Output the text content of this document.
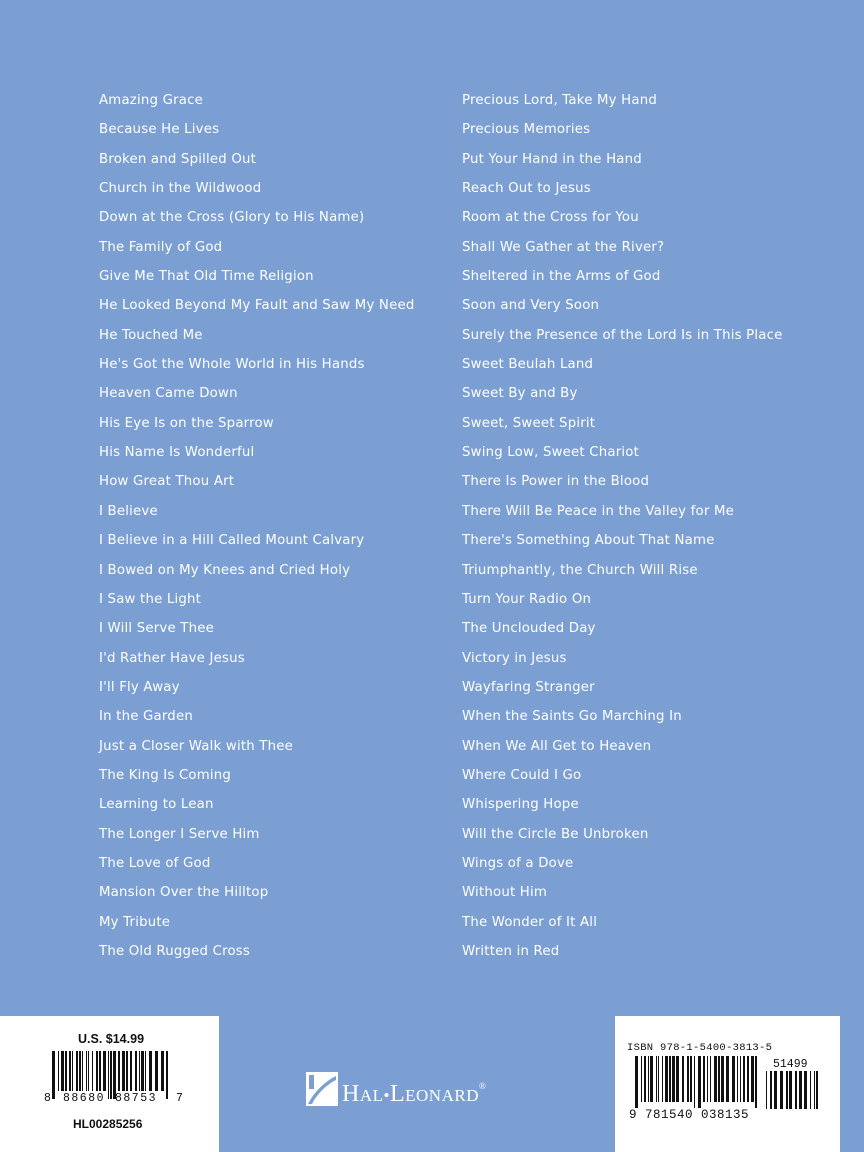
Amazing Grace
Because He Lives
Broken and Spilled Out
Church in the Wildwood
Down at the Cross (Glory to His Name)
The Family of God
Give Me That Old Time Religion
He Looked Beyond My Fault and Saw My Need
He Touched Me
He's Got the Whole World in His Hands
Heaven Came Down
His Eye Is on the Sparrow
His Name Is Wonderful
How Great Thou Art
I Believe
I Believe in a Hill Called Mount Calvary
I Bowed on My Knees and Cried Holy
I Saw the Light
I Will Serve Thee
I'd Rather Have Jesus
I'll Fly Away
In the Garden
Just a Closer Walk with Thee
The King Is Coming
Learning to Lean
The Longer I Serve Him
The Love of God
Mansion Over the Hilltop
My Tribute
The Old Rugged Cross
Precious Lord, Take My Hand
Precious Memories
Put Your Hand in the Hand
Reach Out to Jesus
Room at the Cross for You
Shall We Gather at the River?
Sheltered in the Arms of God
Soon and Very Soon
Surely the Presence of the Lord Is in This Place
Sweet Beulah Land
Sweet By and By
Sweet, Sweet Spirit
Swing Low, Sweet Chariot
There Is Power in the Blood
There Will Be Peace in the Valley for Me
There's Something About That Name
Triumphantly, the Church Will Rise
Turn Your Radio On
The Unclouded Day
Victory in Jesus
Wayfaring Stranger
When the Saints Go Marching In
When We All Get to Heaven
Where Could I Go
Whispering Hope
Will the Circle Be Unbroken
Wings of a Dove
Without Him
The Wonder of It All
Written in Red
U.S. $14.99
8 88680 88753 7
HL00285256
HAL•LEONARD®
ISBN 978-1-5400-3813-5
51499
9 781540 038135
